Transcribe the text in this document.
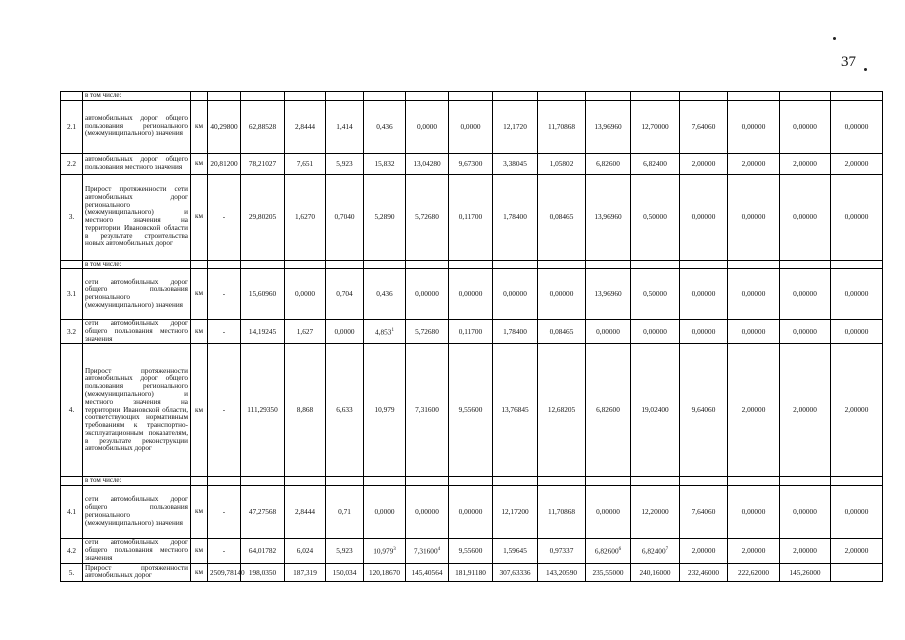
37
	в том числе:																
2.1	автомобильных дорог общего пользования регионального (межмуниципального) значения	км	40,29800	62,88528	2,8444	1,414	0,436	0,0000	0,0000	12,1720	11,70868	13,96960	12,70000	7,64060	0,00000	0,00000	0,00000
2.2	автомобильных дорог общего пользования местного значения	км	20,81200	78,21027	7,651	5,923	15,832	13,04280	9,67300	3,38045	1,05802	6,82600	6,82400	2,00000	2,00000	2,00000	2,00000
3.	Прирост протяженности сети автомобильных дорог регионального (межмуниципального) и местного значения на территории Ивановской области в результате строительства новых автомобильных дорог	км	-	29,80205	1,6270	0,7040	5,2890	5,72680	0,11700	1,78400	0,08465	13,96960	0,50000	0,00000	0,00000	0,00000	0,00000
	в том числе:																
3.1	сети автомобильных дорог общего пользования регионального (межмуниципального) значения	км	-	15,60960	0,0000	0,704	0,436	0,00000	0,00000	0,00000	0,00000	13,96960	0,50000	0,00000	0,00000	0,00000	0,00000
3.2	сети автомобильных дорог общего пользования местного значения	км	-	14,19245	1,627	0,0000	4,853$^1$	5,72680	0,11700	1,78400	0,08465	0,00000	0,00000	0,00000	0,00000	0,00000	0,00000
4.	Прирост протяженности автомобильных дорог общего пользования регионального (межмуниципального) и местного значения на территории Ивановской области, соответствующих нормативным требованиям к транспортно-эксплуатационным показателям, в результате реконструкции автомобильных дорог	км	-	111,29350	8,868	6,633	10,979	7,31600	9,55600	13,76845	12,68205	6,82600	19,02400	9,64060	2,00000	2,00000	2,00000
	в том числе:																
4.1	сети автомобильных дорог общего пользования регионального (межмуниципального) значения	км	-	47,27568	2,8444	0,71	0,0000	0,00000	0,00000	12,17200	11,70868	0,00000	12,20000	7,64060	0,00000	0,00000	0,00000
4.2	сети автомобильных дорог общего пользования местного значения	км	-	64,01782	6,024	5,923	10,979$^3$	7,31600$^4$	9,55600	1,59645	0,97337	6,82600$^6$	6,82400$^7$	2,00000	2,00000	2,00000	2,00000
5.	Прирост протяженности автомобильных дорог	км	2509,78140	198,0350	187,319	150,034	120,18670	145,40564	181,91180	307,63336	143,20590	235,55000	240,16000	232,46000	222,62000	145,26000	
